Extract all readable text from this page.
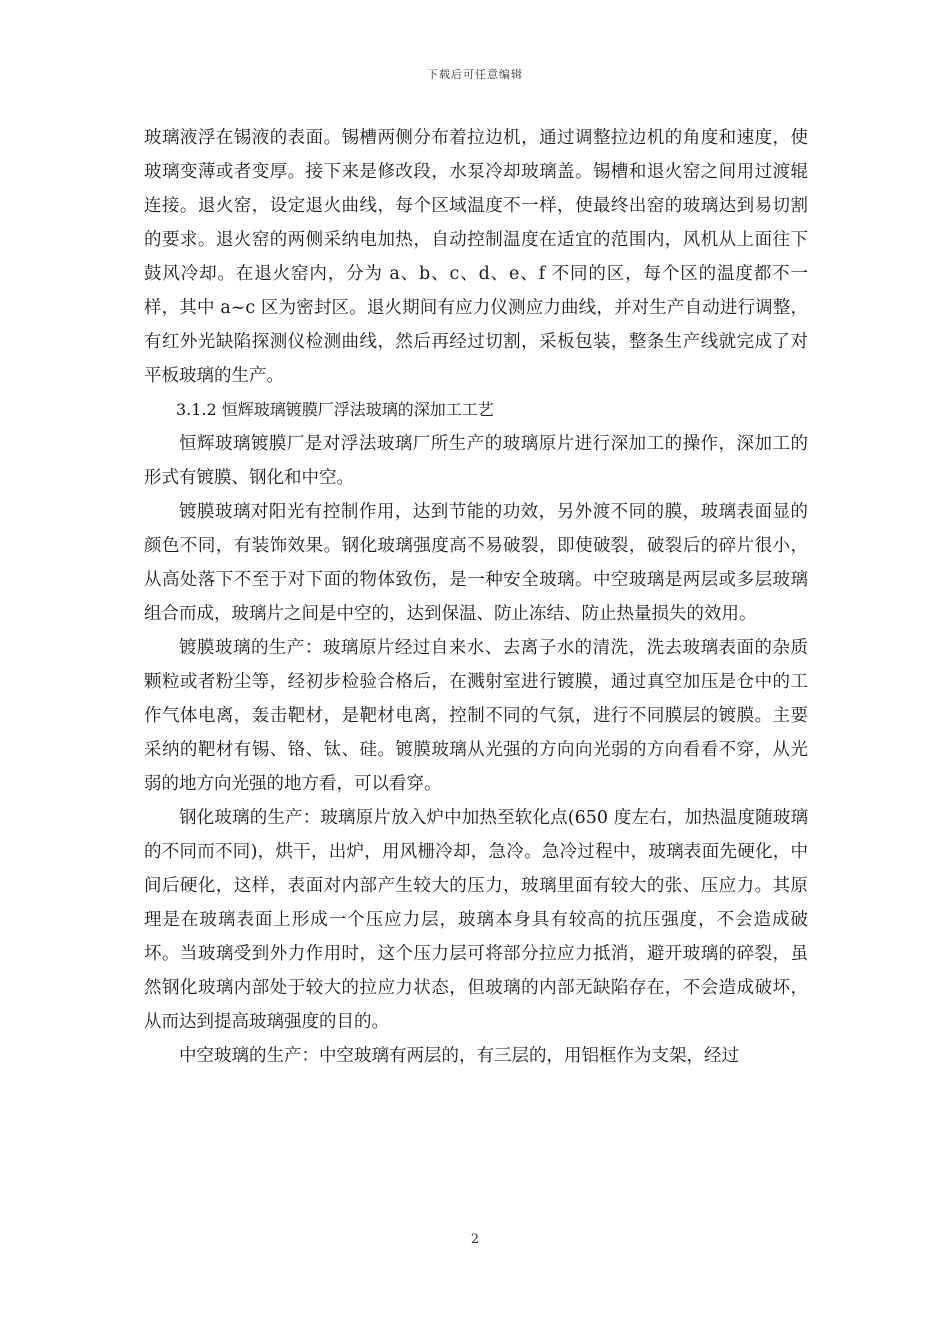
下载后可任意编辑

玻璃液浮在锡液的表面。锡槽两侧分布着拉边机，通过调整拉边机的角度和速度，使玻璃变薄或者变厚。接下来是修改段，水泵冷却玻璃盖。锡槽和退火窑之间用过渡辊连接。退火窑，设定退火曲线，每个区域温度不一样，使最终出窑的玻璃达到易切割的要求。退火窑的两侧采纳电加热，自动控制温度在适宜的范围内，风机从上面往下鼓风冷却。在退火窑内，分为 a、b、c、d、e、f 不同的区，每个区的温度都不一样，其中 a~c 区为密封区。退火期间有应力仪测应力曲线，并对生产自动进行调整，有红外光缺陷探测仪检测曲线，然后再经过切割，采板包装，整条生产线就完成了对平板玻璃的生产。

3.1.2 恒辉玻璃镀膜厂浮法玻璃的深加工工艺

恒辉玻璃镀膜厂是对浮法玻璃厂所生产的玻璃原片进行深加工的操作，深加工的形式有镀膜、钢化和中空。

镀膜玻璃对阳光有控制作用，达到节能的功效，另外渡不同的膜，玻璃表面显的颜色不同，有装饰效果。钢化玻璃强度高不易破裂，即使破裂，破裂后的碎片很小，从高处落下不至于对下面的物体致伤，是一种安全玻璃。中空玻璃是两层或多层玻璃组合而成，玻璃片之间是中空的，达到保温、防止冻结、防止热量损失的效用。

镀膜玻璃的生产：玻璃原片经过自来水、去离子水的清洗，洗去玻璃表面的杂质颗粒或者粉尘等，经初步检验合格后，在溅射室进行镀膜，通过真空加压是仓中的工作气体电离，轰击靶材，是靶材电离，控制不同的气氛，进行不同膜层的镀膜。主要采纳的靶材有锡、铬、钛、硅。镀膜玻璃从光强的方向向光弱的方向看看不穿，从光弱的地方向光强的地方看，可以看穿。

钢化玻璃的生产：玻璃原片放入炉中加热至软化点(650 度左右，加热温度随玻璃的不同而不同)，烘干，出炉，用风栅冷却，急冷。急冷过程中，玻璃表面先硬化，中间后硬化，这样，表面对内部产生较大的压力，玻璃里面有较大的张、压应力。其原理是在玻璃表面上形成一个压应力层，玻璃本身具有较高的抗压强度，不会造成破坏。当玻璃受到外力作用时，这个压力层可将部分拉应力抵消，避开玻璃的碎裂，虽然钢化玻璃内部处于较大的拉应力状态，但玻璃的内部无缺陷存在，不会造成破坏，从而达到提高玻璃强度的目的。

中空玻璃的生产：中空玻璃有两层的，有三层的，用铝框作为支架，经过

2
